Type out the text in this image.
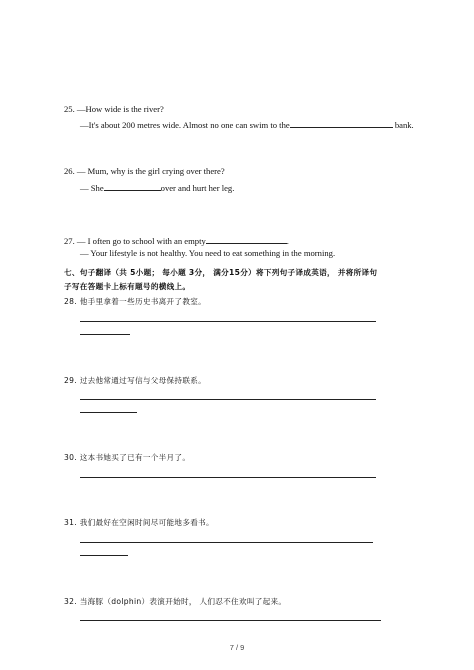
25. —How wide is the river?
—It's about 200 metres wide. Almost no one can swim to the	bank.
26. — Mum, why is the girl crying over there?
— She	over and hurt her leg.
27. — I often go to school with an empty	.
— Your lifestyle is not healthy. You need to eat something in the morning.
七、句子翻译（共 5小题； 每小题 3分， 满分15分）将下列句子译成英语， 并将所译句
子写在答题卡上标有题号的横线上。
28. 他手里拿着一些历史书离开了教室。
29. 过去他常通过写信与父母保持联系。
30. 这本书她买了已有一个半月了。
31. 我们最好在空闲时间尽可能地多看书。
32. 当海豚（dolphin）表演开始时， 人们忍不住欢叫了起来。
7 / 9
